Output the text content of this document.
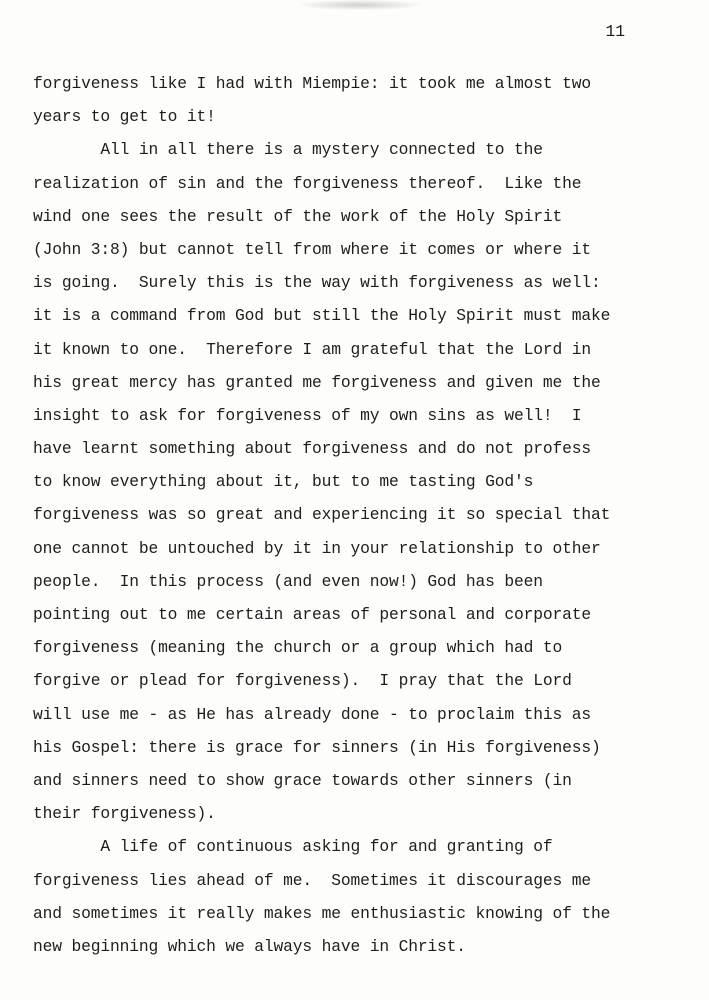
11

forgiveness like I had with Miempie: it took me almost two
years to get to it!
All in all there is a mystery connected to the
realization of sin and the forgiveness thereof.  Like the
wind one sees the result of the work of the Holy Spirit
(John 3:8) but cannot tell from where it comes or where it
is going.  Surely this is the way with forgiveness as well:
it is a command from God but still the Holy Spirit must make
it known to one.  Therefore I am grateful that the Lord in
his great mercy has granted me forgiveness and given me the
insight to ask for forgiveness of my own sins as well!  I
have learnt something about forgiveness and do not profess
to know everything about it, but to me tasting God's
forgiveness was so great and experiencing it so special that
one cannot be untouched by it in your relationship to other
people.  In this process (and even now!) God has been
pointing out to me certain areas of personal and corporate
forgiveness (meaning the church or a group which had to
forgive or plead for forgiveness).  I pray that the Lord
will use me - as He has already done - to proclaim this as
his Gospel: there is grace for sinners (in His forgiveness)
and sinners need to show grace towards other sinners (in
their forgiveness).
A life of continuous asking for and granting of
forgiveness lies ahead of me.  Sometimes it discourages me
and sometimes it really makes me enthusiastic knowing of the
new beginning which we always have in Christ.
